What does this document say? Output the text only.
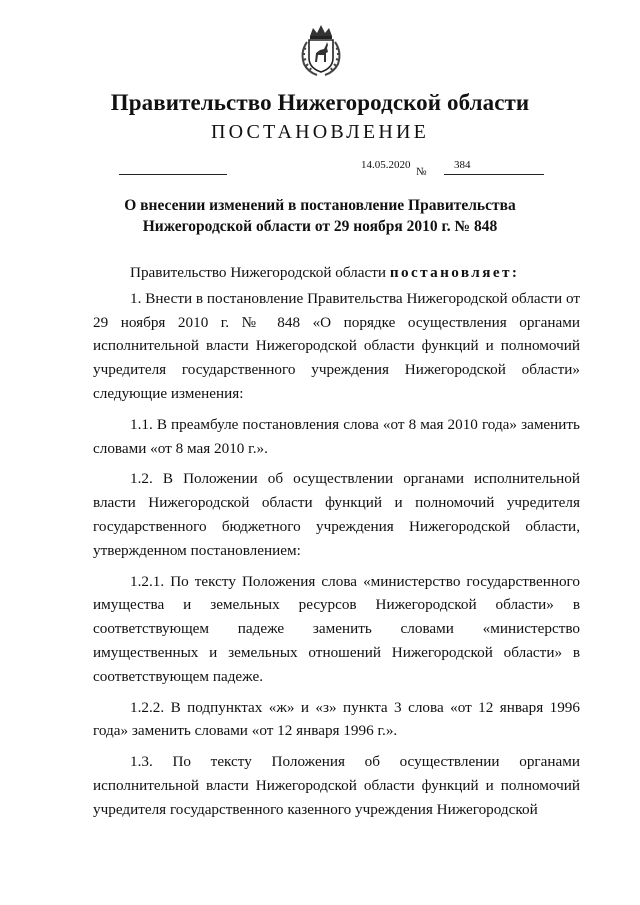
Правительство Нижегородской области
ПОСТАНОВЛЕНИЕ
14.05.2020
№
384
О внесении изменений в постановление Правительства
Нижегородской области от 29 ноября 2010 г. № 848

Правительство Нижегородской области постановляет:

1. Внести в постановление Правительства Нижегородской области от 29 ноября 2010 г. № 848 «О порядке осуществления органами исполнительной власти Нижегородской области функций и полномочий учредителя государственного учреждения Нижегородской области» следующие изменения:

1.1. В преамбуле постановления слова «от 8 мая 2010 года» заменить словами «от 8 мая 2010 г.».

1.2. В Положении об осуществлении органами исполнительной власти Нижегородской области функций и полномочий учредителя государственного бюджетного учреждения Нижегородской области, утвержденном постановлением:

1.2.1. По тексту Положения слова «министерство государственного имущества и земельных ресурсов Нижегородской области» в соответствующем падеже заменить словами «министерство имущественных и земельных отношений Нижегородской области» в соответствующем падеже.

1.2.2. В подпунктах «ж» и «з» пункта 3 слова «от 12 января 1996 года» заменить словами «от 12 января 1996 г.».

1.3. По тексту Положения об осуществлении органами исполнительной власти Нижегородской области функций и полномочий учредителя государственного казенного учреждения Нижегородской
